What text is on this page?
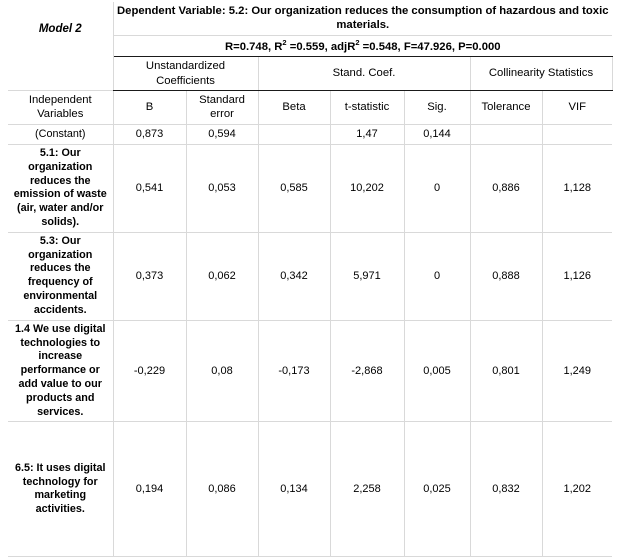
Model 2	Dependent Variable: 5.2: Our organization reduces the consumption of hazardous and toxic materials.						
	R=0.748, $R^2 =0.559$, adjR$^2$ =0.548, F=47.926, P=0.000						
	Unstandardized Coefficients		Stand. Coef.			Collinearity Statistics	
Independent Variables	B	Standard error	Beta	t-statistic	Sig.	Tolerance	VIF
(Constant)	0,873	0,594		1,47	0,144		
5.1: Our organization reduces the emission of waste (air, water and/or solids).	0,541	0,053	0,585	10,202	0	0,886	1,128
5.3: Our organization reduces the frequency of environmental accidents.	0,373	0,062	0,342	5,971	0	0,888	1,126
1.4 We use digital technologies to increase performance or add value to our products and services.	-0,229	0,08	-0,173	-2,868	0,005	0,801	1,249
6.5: It uses digital technology for marketing activities.	0,194	0,086	0,134	2,258	0,025	0,832	1,202
